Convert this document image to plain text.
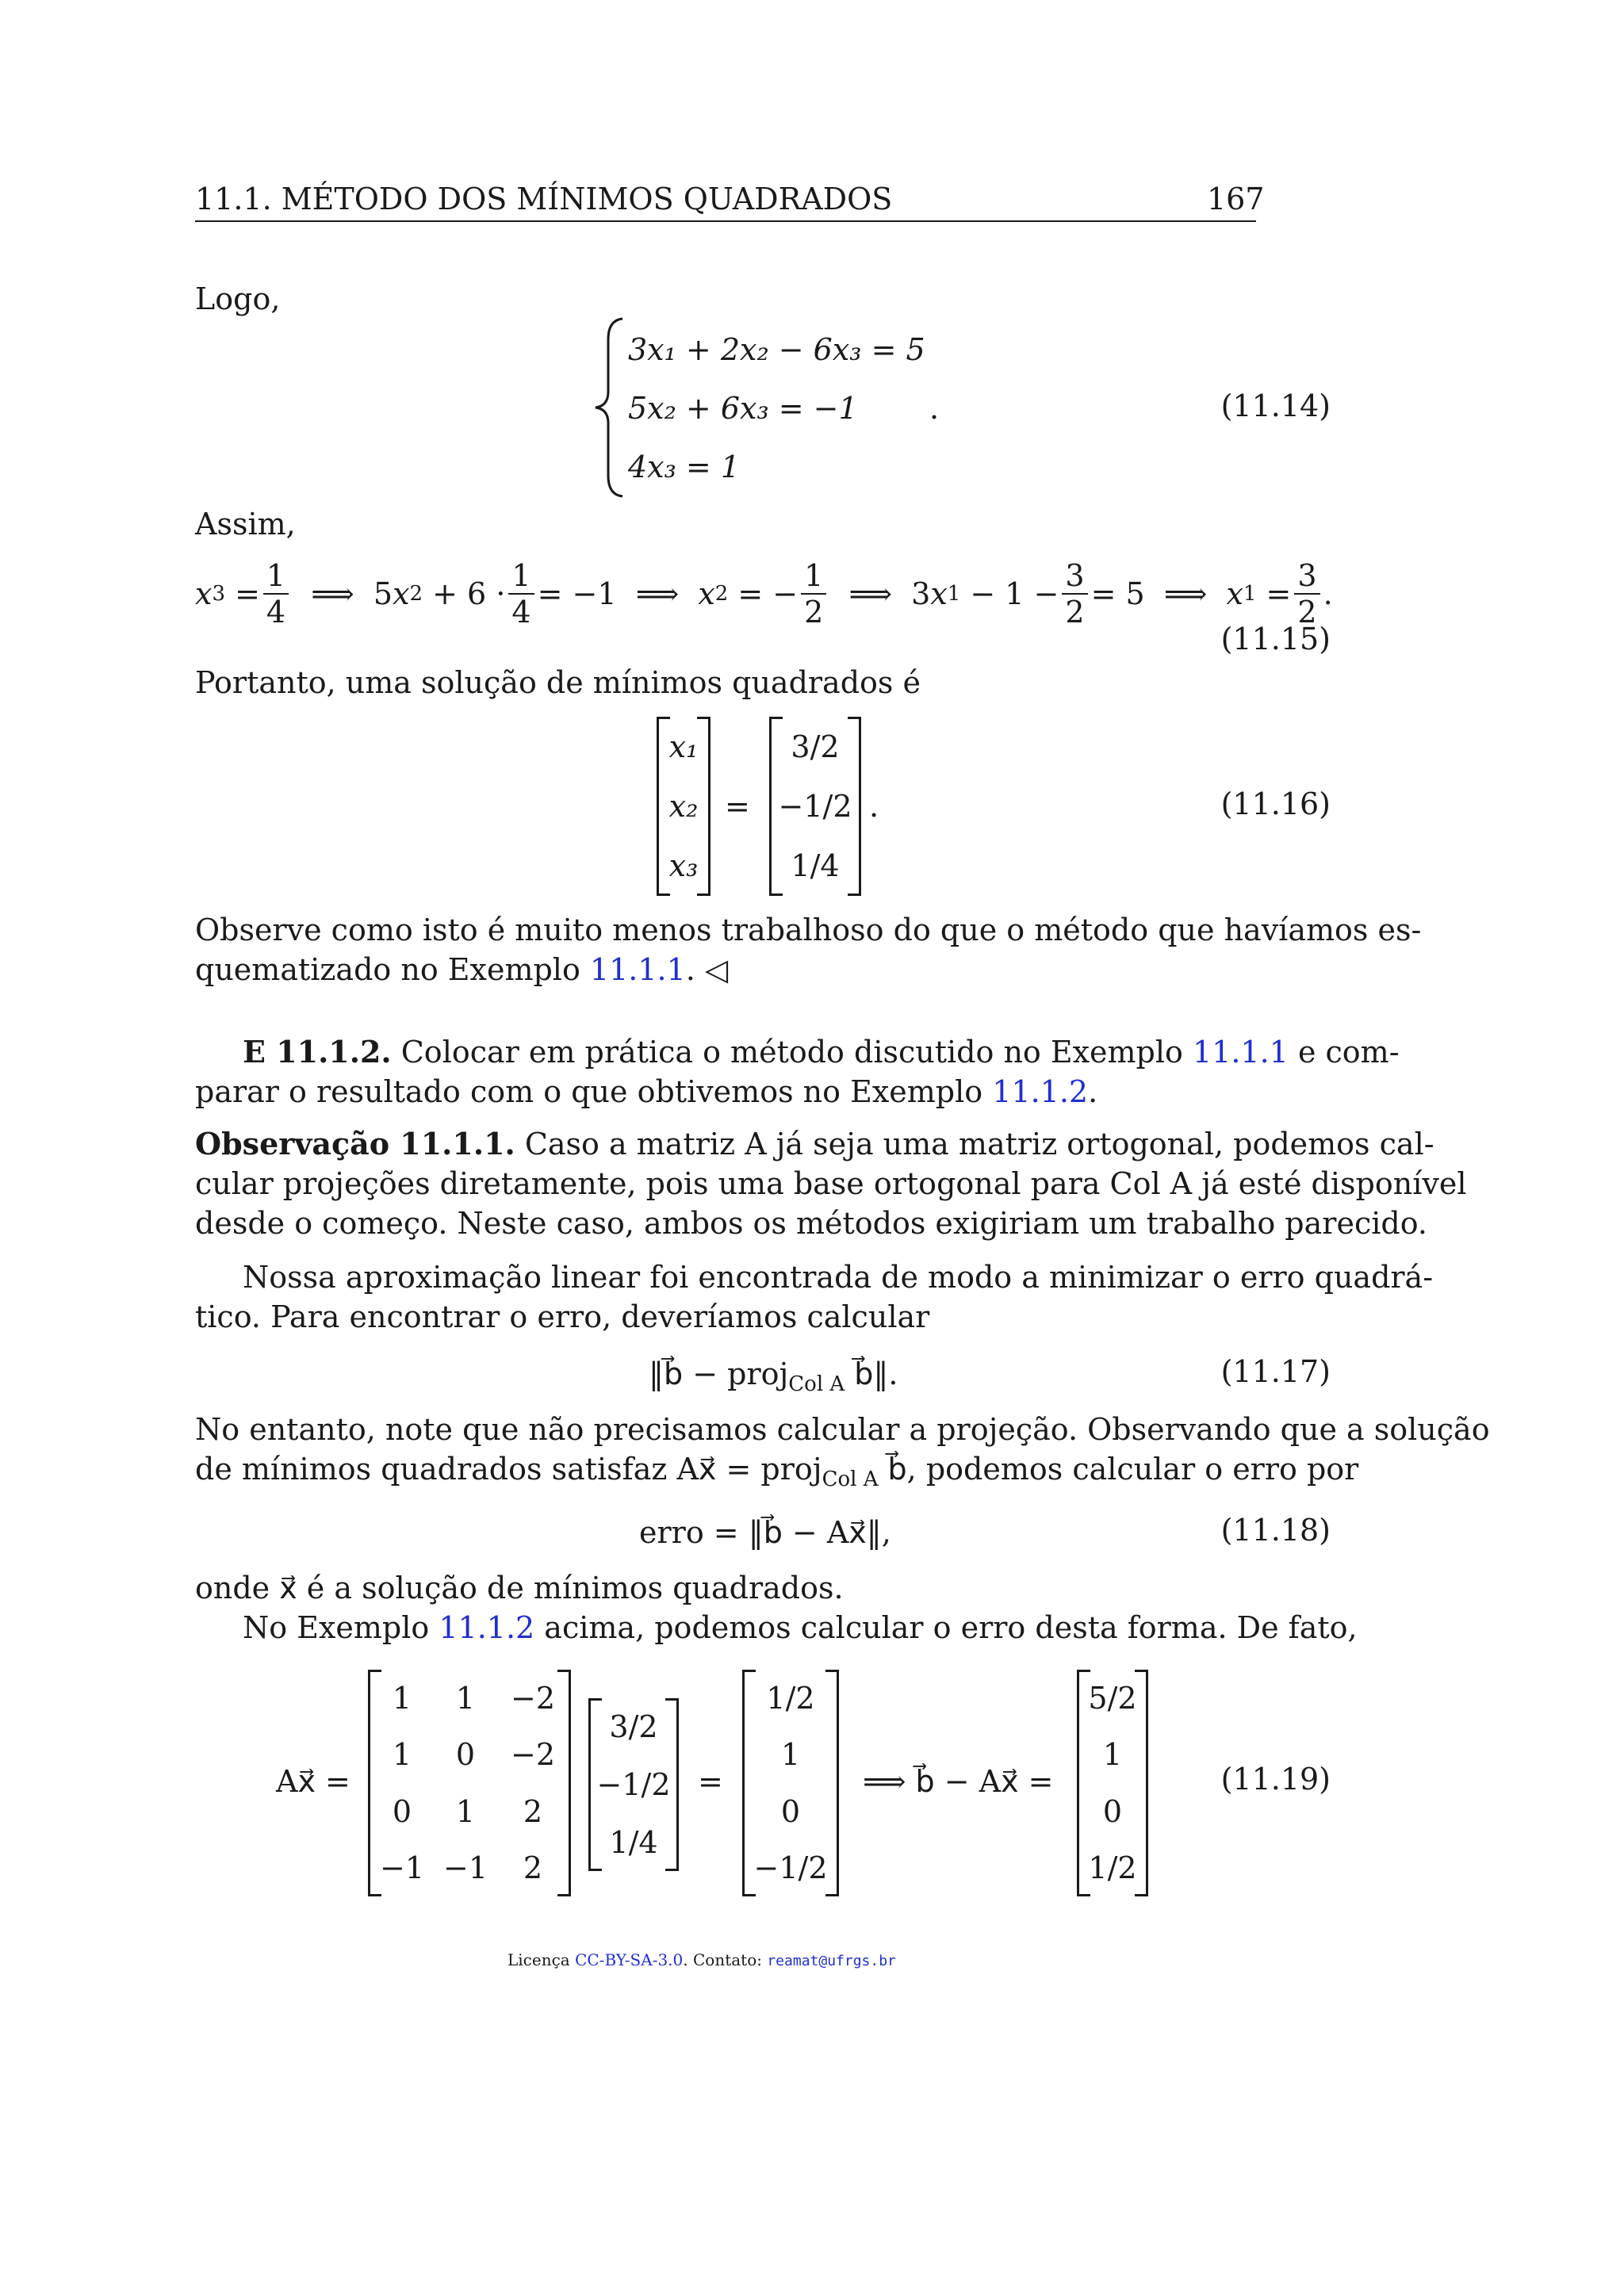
11.1. MÉTODO DOS MÍNIMOS QUADRADOS	167
Logo,
3x₁ + 2x₂ − 6x₃ = 5
5x₂ + 6x₃ = −1 .
4x₃ = 1
(11.14)
Assim,
x $3 = \frac{1}{4}$ ⟹  5 x $2 + 6 \cdot \frac{1}{4} = -1$  ⟹ x 2 = − $\frac{1}{2}$ ⟹  3 x $1 - 1 - \frac{3}{2} = 5$  ⟹ x $1 = \frac{3}{2}$ .
(11.15)
Portanto, uma solução de mínimos quadrados é
x₁
x₂
x₃
=
3/2
−1/2
1/4
.	(11.16)
Observe como isto é muito menos trabalhoso do que o método que havíamos es-
quematizado no Exemplo 11.1.1. ◁
E 11.1.2. Colocar em prática o método discutido no Exemplo 11.1.1 e com-
parar o resultado com o que obtivemos no Exemplo 11.1.2.
Observação 11.1.1. Caso a matriz A já seja uma matriz ortogonal, podemos cal-
cular projeções diretamente, pois uma base ortogonal para Col A já esté disponível
desde o começo. Neste caso, ambos os métodos exigiriam um trabalho parecido.
Nossa aproximação linear foi encontrada de modo a minimizar o erro quadrá-
tico. Para encontrar o erro, deveríamos calcular
‖b⃗ − proj$_{Col A}$ b⃗‖.	(11.17)
No entanto, note que não precisamos calcular a projeção. Observando que a solução
de mínimos quadrados satisfaz Ax⃗ = proj$_{Col A}$ b⃗, podemos calcular o erro por
erro = ‖b⃗ − Ax⃗‖,	(11.18)
onde x⃗ é a solução de mínimos quadrados.
No Exemplo 11.1.2 acima, podemos calcular o erro desta forma. De fato,
Ax⃗ =
1	1	−2
1	0	−2
0	1	2
−1 −1	2
3/2
−1/2
1/4
=
1/2
1
0
−1/2
⟹ b⃗ − Ax⃗ =
5/2
1
0
1/2
(11.19)
Licença CC-BY-SA-3.0. Contato: reamat@ufrgs.br
